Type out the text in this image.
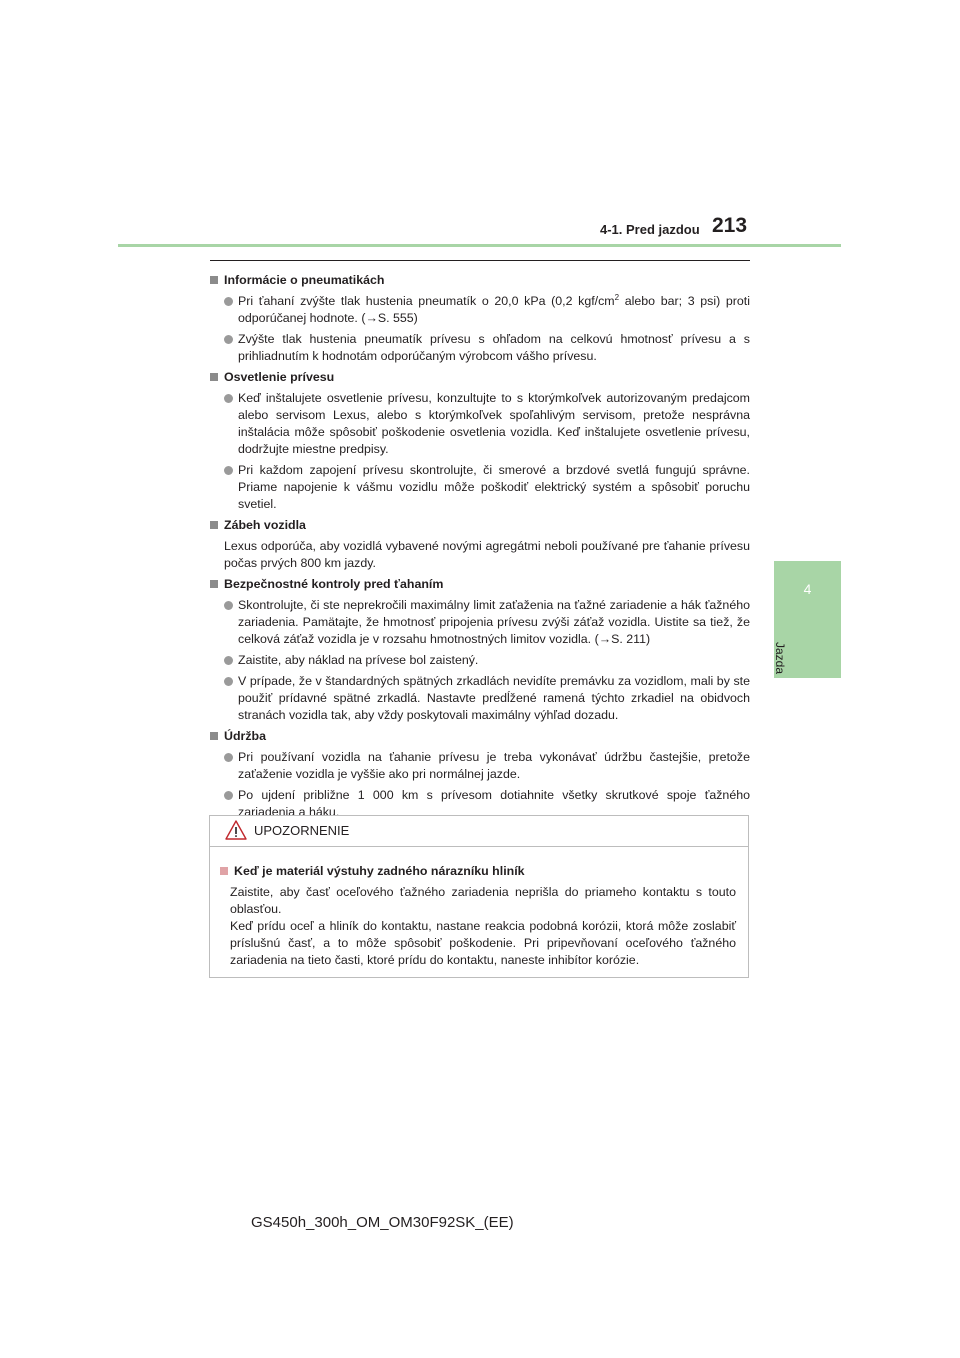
4-1. Pred jazdou 213
4
Jazda
Informácie o pneumatikách
Pri ťahaní zvýšte tlak hustenia pneumatík o 20,0 kPa (0,2 kgf/$cm^2$ alebo bar; 3 psi) proti odporúčanej hodnote. (→S. 555)
Zvýšte tlak hustenia pneumatík prívesu s ohľadom na celkovú hmotnosť prívesu a s prihliadnutím k hodnotám odporúčaným výrobcom vášho prívesu.
Osvetlenie prívesu
Keď inštalujete osvetlenie prívesu, konzultujte to s ktorýmkoľvek autorizovaným predajcom alebo servisom Lexus, alebo s ktorýmkoľvek spoľahlivým servisom, pretože nesprávna inštalácia môže spôsobiť poškodenie osvetlenia vozidla. Keď inštalujete osvetlenie prívesu, dodržujte miestne predpisy.
Pri každom zapojení prívesu skontrolujte, či smerové a brzdové svetlá fungujú správne. Priame napojenie k vášmu vozidlu môže poškodiť elektrický systém a spôsobiť poruchu svetiel.
Zábeh vozidla
Lexus odporúča, aby vozidlá vybavené novými agregátmi neboli používané pre ťahanie prívesu počas prvých 800 km jazdy.
Bezpečnostné kontroly pred ťahaním
Skontrolujte, či ste neprekročili maximálny limit zaťaženia na ťažné zariadenie a hák ťažného zariadenia. Pamätajte, že hmotnosť pripojenia prívesu zvýši záťaž vozidla. Uistite sa tiež, že celková záťaž vozidla je v rozsahu hmotnostných limitov vozidla. (→S. 211)
Zaistite, aby náklad na prívese bol zaistený.
V prípade, že v štandardných spätných zrkadlách nevidíte premávku za vozidlom, mali by ste použiť prídavné spätné zrkadlá. Nastavte predĺžené ramená týchto zrkadiel na obidvoch stranách vozidla tak, aby vždy poskytovali maximálny výhľad dozadu.
Údržba
Pri používaní vozidla na ťahanie prívesu je treba vykonávať údržbu častejšie, pretože zaťaženie vozidla je vyššie ako pri normálnej jazde.
Po ujdení približne 1 000 km s prívesom dotiahnite všetky skrutkové spoje ťažného zariadenia a háku.
UPOZORNENIE
Keď je materiál výstuhy zadného nárazníku hliník
Zaistite, aby časť oceľového ťažného zariadenia neprišla do priameho kontaktu s touto oblasťou.
Keď prídu oceľ a hliník do kontaktu, nastane reakcia podobná korózii, ktorá môže zoslabiť príslušnú časť, a to môže spôsobiť poškodenie. Pri pripevňovaní oceľového ťažného zariadenia na tieto časti, ktoré prídu do kontaktu, naneste inhibítor korózie.
GS450h_300h_OM_OM30F92SK_(EE)
